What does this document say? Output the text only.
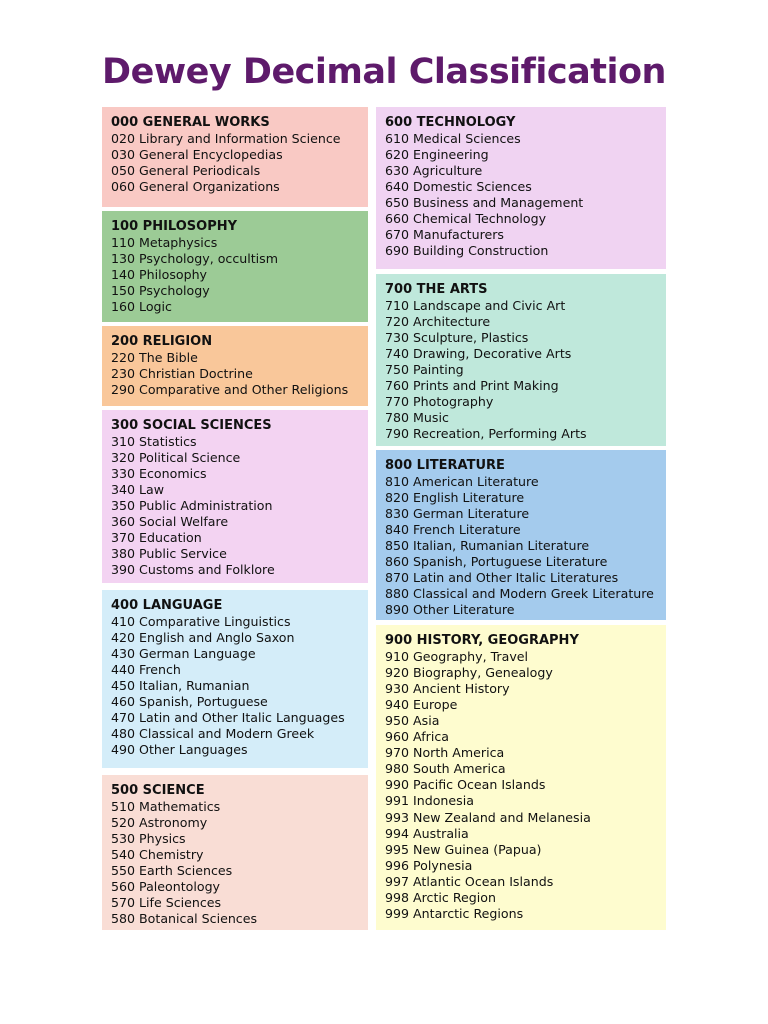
Dewey Decimal Classification
000 GENERAL WORKS
020 Library and Information Science
030 General Encyclopedias
050 General Periodicals
060 General Organizations
100 PHILOSOPHY
110 Metaphysics
130 Psychology, occultism
140 Philosophy
150 Psychology
160 Logic
200 RELIGION
220 The Bible
230 Christian Doctrine
290 Comparative and Other Religions
300 SOCIAL SCIENCES
310 Statistics
320 Political Science
330 Economics
340 Law
350 Public Administration
360 Social Welfare
370 Education
380 Public Service
390 Customs and Folklore
400 LANGUAGE
410 Comparative Linguistics
420 English and Anglo Saxon
430 German Language
440 French
450 Italian, Rumanian
460 Spanish, Portuguese
470 Latin and Other Italic Languages
480 Classical and Modern Greek
490 Other Languages
500 SCIENCE
510 Mathematics
520 Astronomy
530 Physics
540 Chemistry
550 Earth Sciences
560 Paleontology
570 Life Sciences
580 Botanical Sciences
600 TECHNOLOGY
610 Medical Sciences
620 Engineering
630 Agriculture
640 Domestic Sciences
650 Business and Management
660 Chemical Technology
670 Manufacturers
690 Building Construction
700 THE ARTS
710 Landscape and Civic Art
720 Architecture
730 Sculpture, Plastics
740 Drawing, Decorative Arts
750 Painting
760 Prints and Print Making
770 Photography
780 Music
790 Recreation, Performing Arts
800 LITERATURE
810 American Literature
820 English Literature
830 German Literature
840 French Literature
850 Italian, Rumanian Literature
860 Spanish, Portuguese Literature
870 Latin and Other Italic Literatures
880 Classical and Modern Greek Literature
890 Other Literature
900 HISTORY, GEOGRAPHY
910 Geography, Travel
920 Biography, Genealogy
930 Ancient History
940 Europe
950 Asia
960 Africa
970 North America
980 South America
990 Pacific Ocean Islands
991 Indonesia
993 New Zealand and Melanesia
994 Australia
995 New Guinea (Papua)
996 Polynesia
997 Atlantic Ocean Islands
998 Arctic Region
999 Antarctic Regions
